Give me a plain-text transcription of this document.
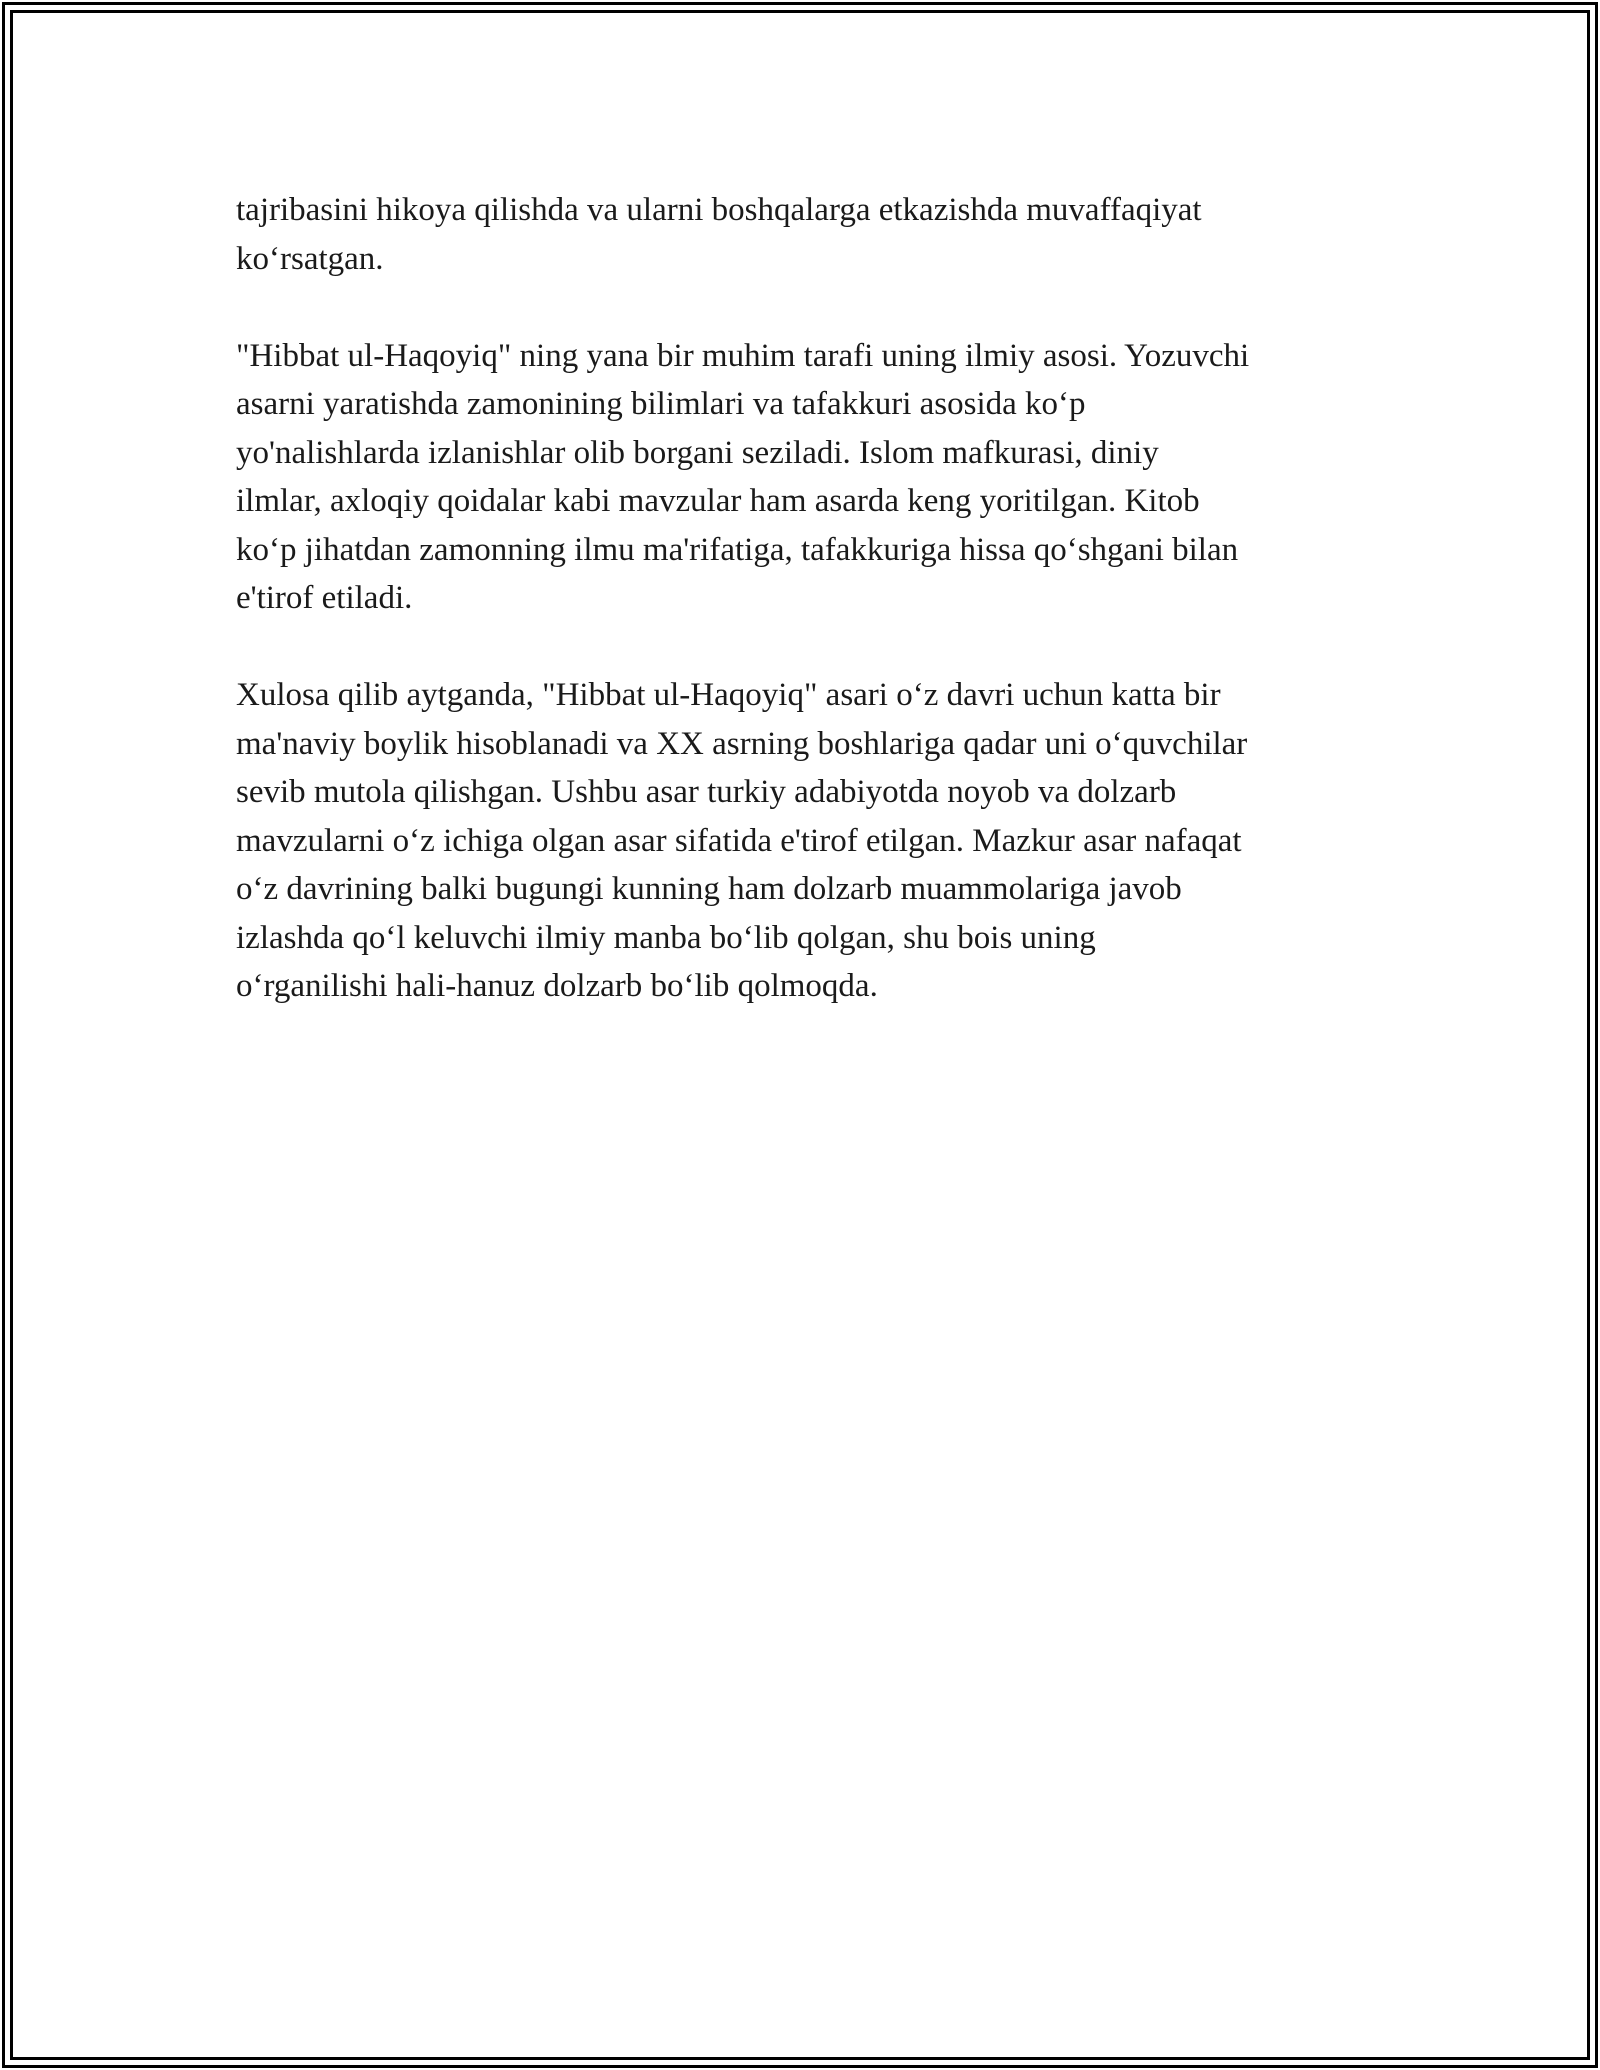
tajribasini hikoya qilishda va ularni boshqalarga etkazishda muvaffaqiyat
ko‘rsatgan.

"Hibbat ul-Haqoyiq" ning yana bir muhim tarafi uning ilmiy asosi. Yozuvchi
asarni yaratishda zamonining bilimlari va tafakkuri asosida ko‘p
yo'nalishlarda izlanishlar olib borgani seziladi. Islom mafkurasi, diniy
ilmlar, axloqiy qoidalar kabi mavzular ham asarda keng yoritilgan. Kitob
ko‘p jihatdan zamonning ilmu ma'rifatiga, tafakkuriga hissa qo‘shgani bilan
e'tirof etiladi.

Xulosa qilib aytganda, "Hibbat ul-Haqoyiq" asari o‘z davri uchun katta bir
ma'naviy boylik hisoblanadi va XX asrning boshlariga qadar uni o‘quvchilar
sevib mutola qilishgan. Ushbu asar turkiy adabiyotda noyob va dolzarb
mavzularni o‘z ichiga olgan asar sifatida e'tirof etilgan. Mazkur asar nafaqat
o‘z davrining balki bugungi kunning ham dolzarb muammolariga javob
izlashda qo‘l keluvchi ilmiy manba bo‘lib qolgan, shu bois uning
o‘rganilishi hali-hanuz dolzarb bo‘lib qolmoqda.
